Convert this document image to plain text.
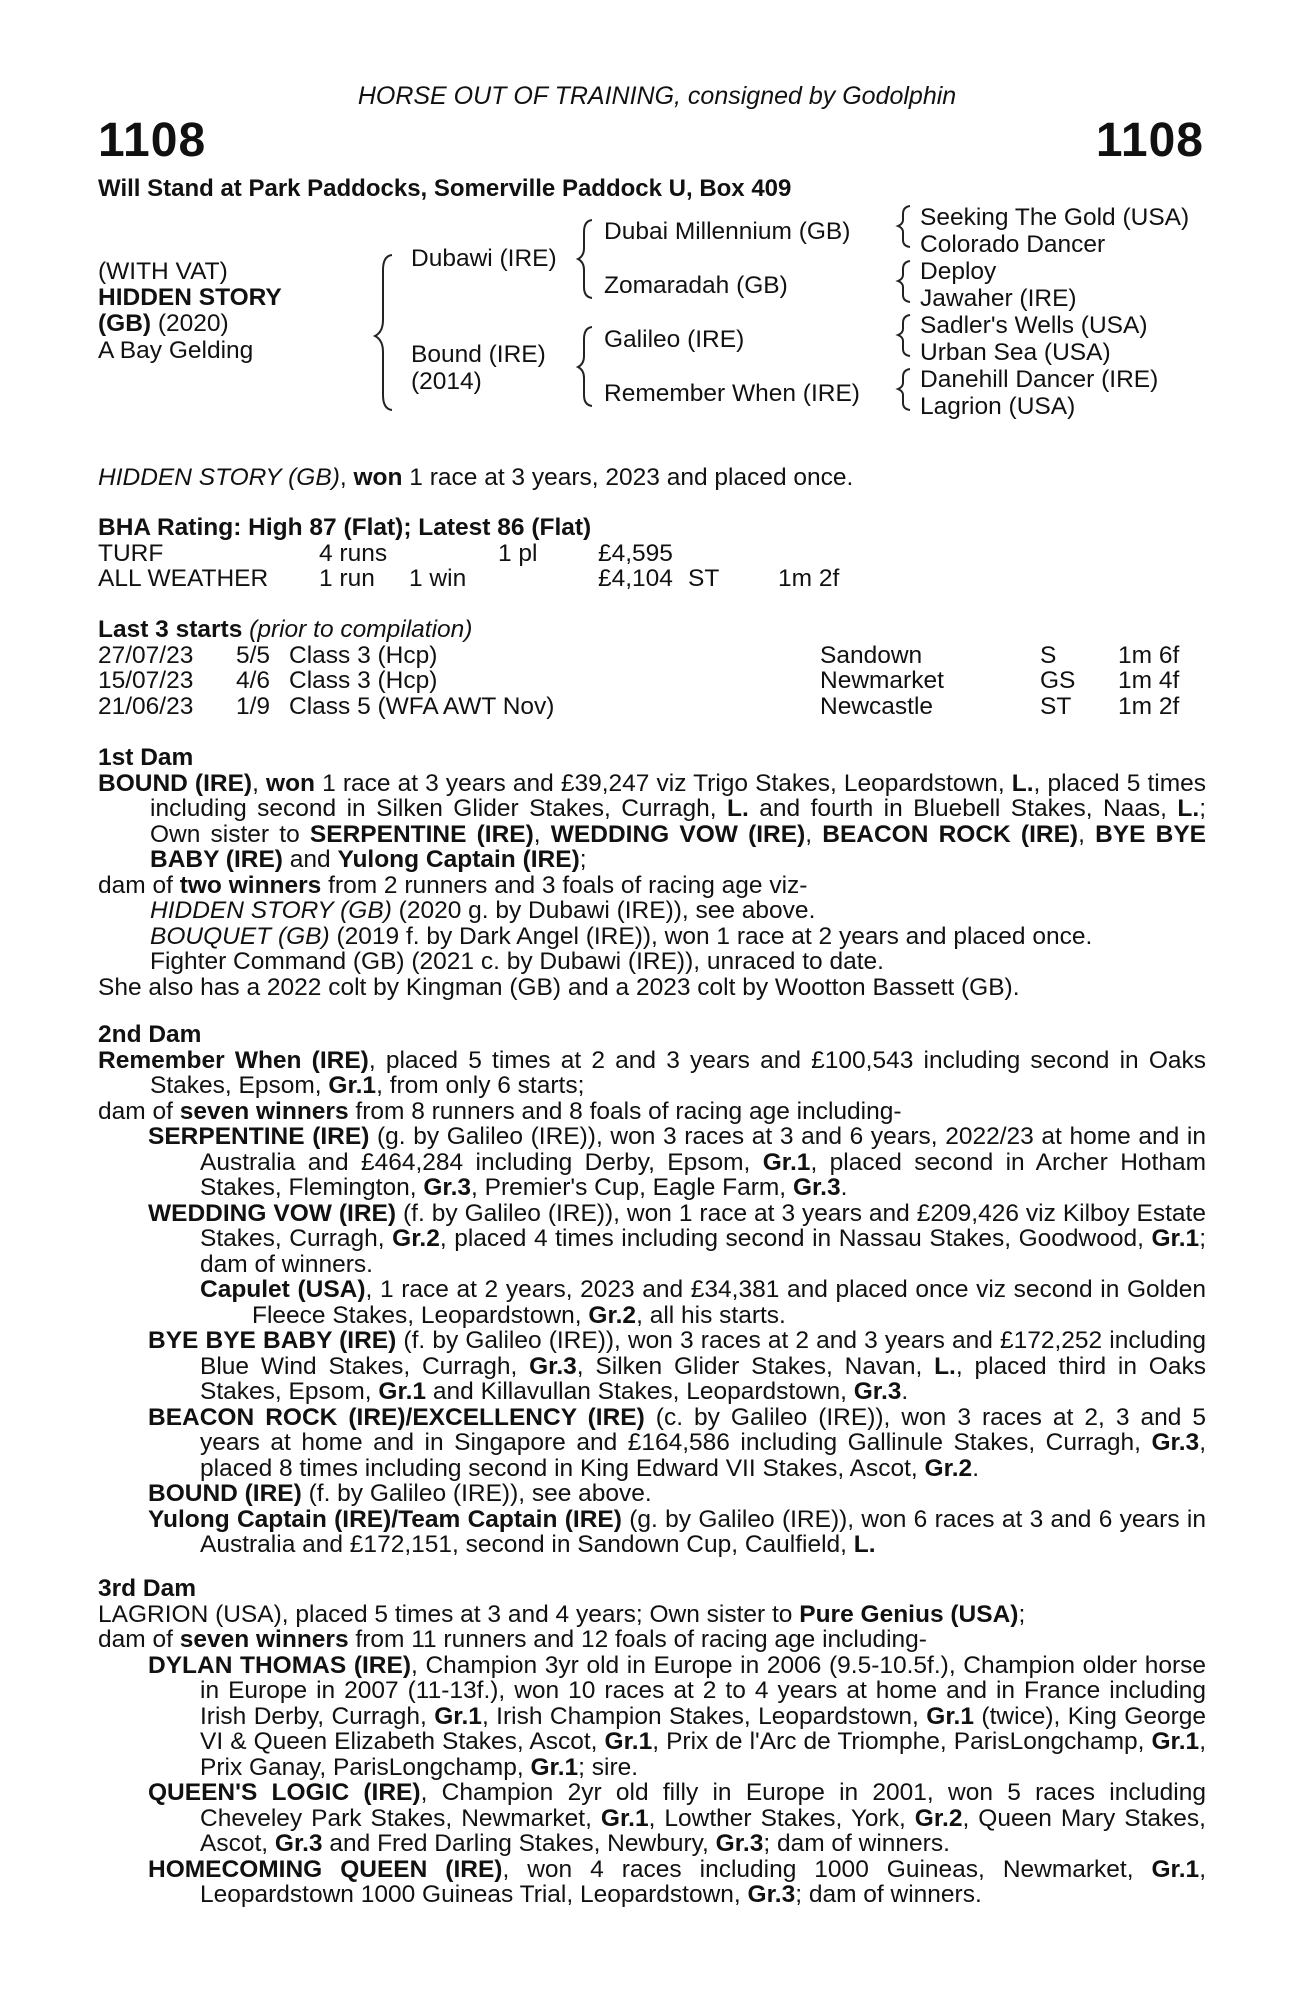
HORSE OUT OF TRAINING, consigned by Godolphin
1108	1108
Will Stand at Park Paddocks, Somerville Paddock U, Box 409
(WITH VAT)
HIDDEN STORY
(GB) (2020)
A Bay Gelding
Dubawi (IRE)
Bound (IRE)
(2014)
Dubai Millennium (GB)
Zomaradah (GB)
Galileo (IRE)
Remember When (IRE)
Seeking The Gold (USA)
Colorado Dancer
Deploy
Jawaher (IRE)
Sadler's Wells (USA)
Urban Sea (USA)
Danehill Dancer (IRE)
Lagrion (USA)
HIDDEN STORY (GB), won 1 race at 3 years, 2023 and placed once.
BHA Rating: High 87 (Flat); Latest 86 (Flat)
TURF	4 runs	1 pl £4,595
ALL WEATHER 1 run 1 win	£4,104 ST 1m 2f
Last 3 starts (prior to compilation)
27/07/23 5/5 Class 3 (Hcp)	Sandown	S	1m 6f
15/07/23 4/6 Class 3 (Hcp)	Newmarket	GS 1m 4f
21/06/23 1/9 Class 5 (WFA AWT Nov)	Newcastle	ST 1m 2f
1st Dam
BOUND (IRE), won 1 race at 3 years and £39,247 viz Trigo Stakes, Leopardstown, L., placed 5 times including second in Silken Glider Stakes, Curragh, L. and fourth in Bluebell Stakes, Naas, L.; Own sister to SERPENTINE (IRE), WEDDING VOW (IRE), BEACON ROCK (IRE), BYE BYE BABY (IRE) and Yulong Captain (IRE);
dam of two winners from 2 runners and 3 foals of racing age viz-
HIDDEN STORY (GB) (2020 g. by Dubawi (IRE)), see above.
BOUQUET (GB) (2019 f. by Dark Angel (IRE)), won 1 race at 2 years and placed once.
Fighter Command (GB) (2021 c. by Dubawi (IRE)), unraced to date.
She also has a 2022 colt by Kingman (GB) and a 2023 colt by Wootton Bassett (GB).
2nd Dam
Remember When (IRE), placed 5 times at 2 and 3 years and £100,543 including second in Oaks Stakes, Epsom, Gr.1, from only 6 starts;
dam of seven winners from 8 runners and 8 foals of racing age including-
SERPENTINE (IRE) (g. by Galileo (IRE)), won 3 races at 3 and 6 years, 2022/23 at home and in Australia and £464,284 including Derby, Epsom, Gr.1, placed second in Archer Hotham Stakes, Flemington, Gr.3, Premier's Cup, Eagle Farm, Gr.3.
WEDDING VOW (IRE) (f. by Galileo (IRE)), won 1 race at 3 years and £209,426 viz Kilboy Estate Stakes, Curragh, Gr.2, placed 4 times including second in Nassau Stakes, Goodwood, Gr.1; dam of winners.
Capulet (USA), 1 race at 2 years, 2023 and £34,381 and placed once viz second in Golden Fleece Stakes, Leopardstown, Gr.2, all his starts.
BYE BYE BABY (IRE) (f. by Galileo (IRE)), won 3 races at 2 and 3 years and £172,252 including Blue Wind Stakes, Curragh, Gr.3, Silken Glider Stakes, Navan, L., placed third in Oaks Stakes, Epsom, Gr.1 and Killavullan Stakes, Leopardstown, Gr.3.
BEACON ROCK (IRE)/EXCELLENCY (IRE) (c. by Galileo (IRE)), won 3 races at 2, 3 and 5 years at home and in Singapore and £164,586 including Gallinule Stakes, Curragh, Gr.3, placed 8 times including second in King Edward VII Stakes, Ascot, Gr.2.
BOUND (IRE) (f. by Galileo (IRE)), see above.
Yulong Captain (IRE)/Team Captain (IRE) (g. by Galileo (IRE)), won 6 races at 3 and 6 years in Australia and £172,151, second in Sandown Cup, Caulfield, L.
3rd Dam
LAGRION (USA), placed 5 times at 3 and 4 years; Own sister to Pure Genius (USA);
dam of seven winners from 11 runners and 12 foals of racing age including-
DYLAN THOMAS (IRE), Champion 3yr old in Europe in 2006 (9.5-10.5f.), Champion older horse in Europe in 2007 (11-13f.), won 10 races at 2 to 4 years at home and in France including Irish Derby, Curragh, Gr.1, Irish Champion Stakes, Leopardstown, Gr.1 (twice), King George VI & Queen Elizabeth Stakes, Ascot, Gr.1, Prix de l'Arc de Triomphe, ParisLongchamp, Gr.1, Prix Ganay, ParisLongchamp, Gr.1; sire.
QUEEN'S LOGIC (IRE), Champion 2yr old filly in Europe in 2001, won 5 races including Cheveley Park Stakes, Newmarket, Gr.1, Lowther Stakes, York, Gr.2, Queen Mary Stakes, Ascot, Gr.3 and Fred Darling Stakes, Newbury, Gr.3; dam of winners.
HOMECOMING QUEEN (IRE), won 4 races including 1000 Guineas, Newmarket, Gr.1, Leopardstown 1000 Guineas Trial, Leopardstown, Gr.3; dam of winners.
